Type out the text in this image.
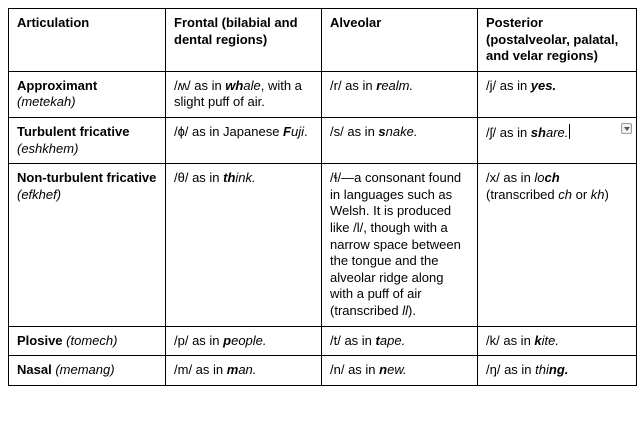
Articulation	Frontal (bilabial and dental regions)	Alveolar	Posterior (postalveolar, palatal, and velar regions)
Approximant (metekah)	/ʍ/ as in whale, with a slight puff of air.	/r/ as in realm.	/j/ as in yes.
Turbulent fricative (eshkhem)	/ɸ/ as in Japanese Fuji.	/s/ as in snake.	/ʃ/ as in share.

Non-turbulent fricative (efkhef)	/θ/ as in think.	/ɬ/—a consonant found in languages such as Welsh. It is produced like /l/, though with a narrow space between the tongue and the alveolar ridge along with a puff of air (transcribed ll).	/x/ as in loch (transcribed ch or kh)
Plosive (tomech)	/p/ as in people.	/t/ as in tape.	/k/ as in kite.
Nasal (memang)	/m/ as in man.	/n/ as in new.	/ŋ/ as in thing.
